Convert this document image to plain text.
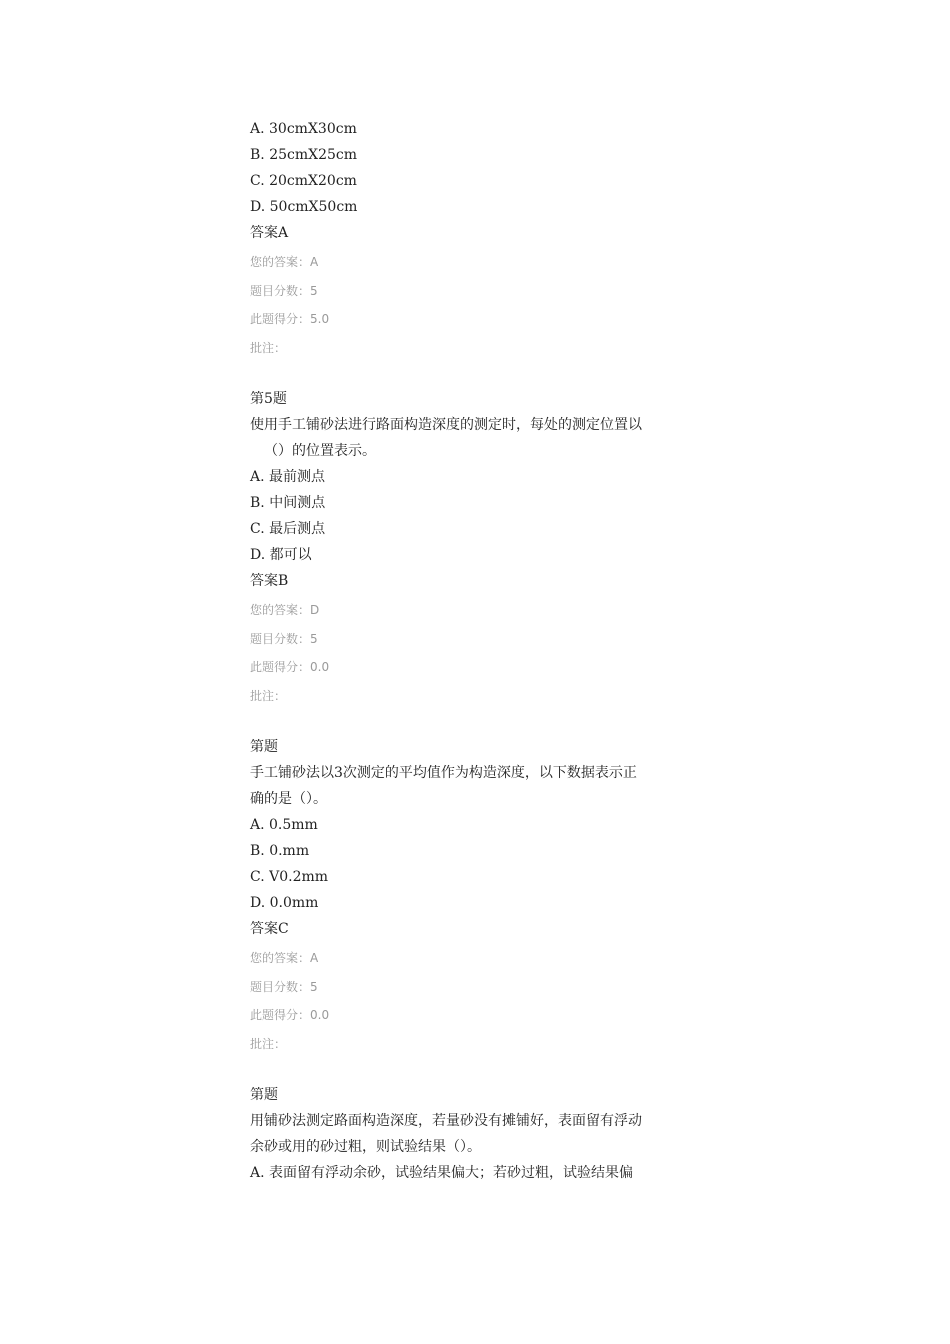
A. 30cmX30cm
B. 25cmX25cm
C. 20cmX20cm
D. 50cmX50cm
答案A
您的答案：A
题目分数：5
此题得分：5.0
批注：
第5题
使用手工铺砂法进行路面构造深度的测定时，每处的测定位置以
（）的位置表示。
A. 最前测点
B. 中间测点
C. 最后测点
D. 都可以
答案B
您的答案：D
题目分数：5
此题得分：0.0
批注：
第题
手工铺砂法以3次测定的平均值作为构造深度，以下数据表示正
确的是（）。
A. 0.5mm
B. 0.mm
C. V0.2mm
D. 0.0mm
答案C
您的答案：A
题目分数：5
此题得分：0.0
批注：
第题
用铺砂法测定路面构造深度，若量砂没有摊铺好，表面留有浮动
余砂或用的砂过粗，则试验结果（）。
A. 表面留有浮动余砂，试验结果偏大；若砂过粗，试验结果偏
